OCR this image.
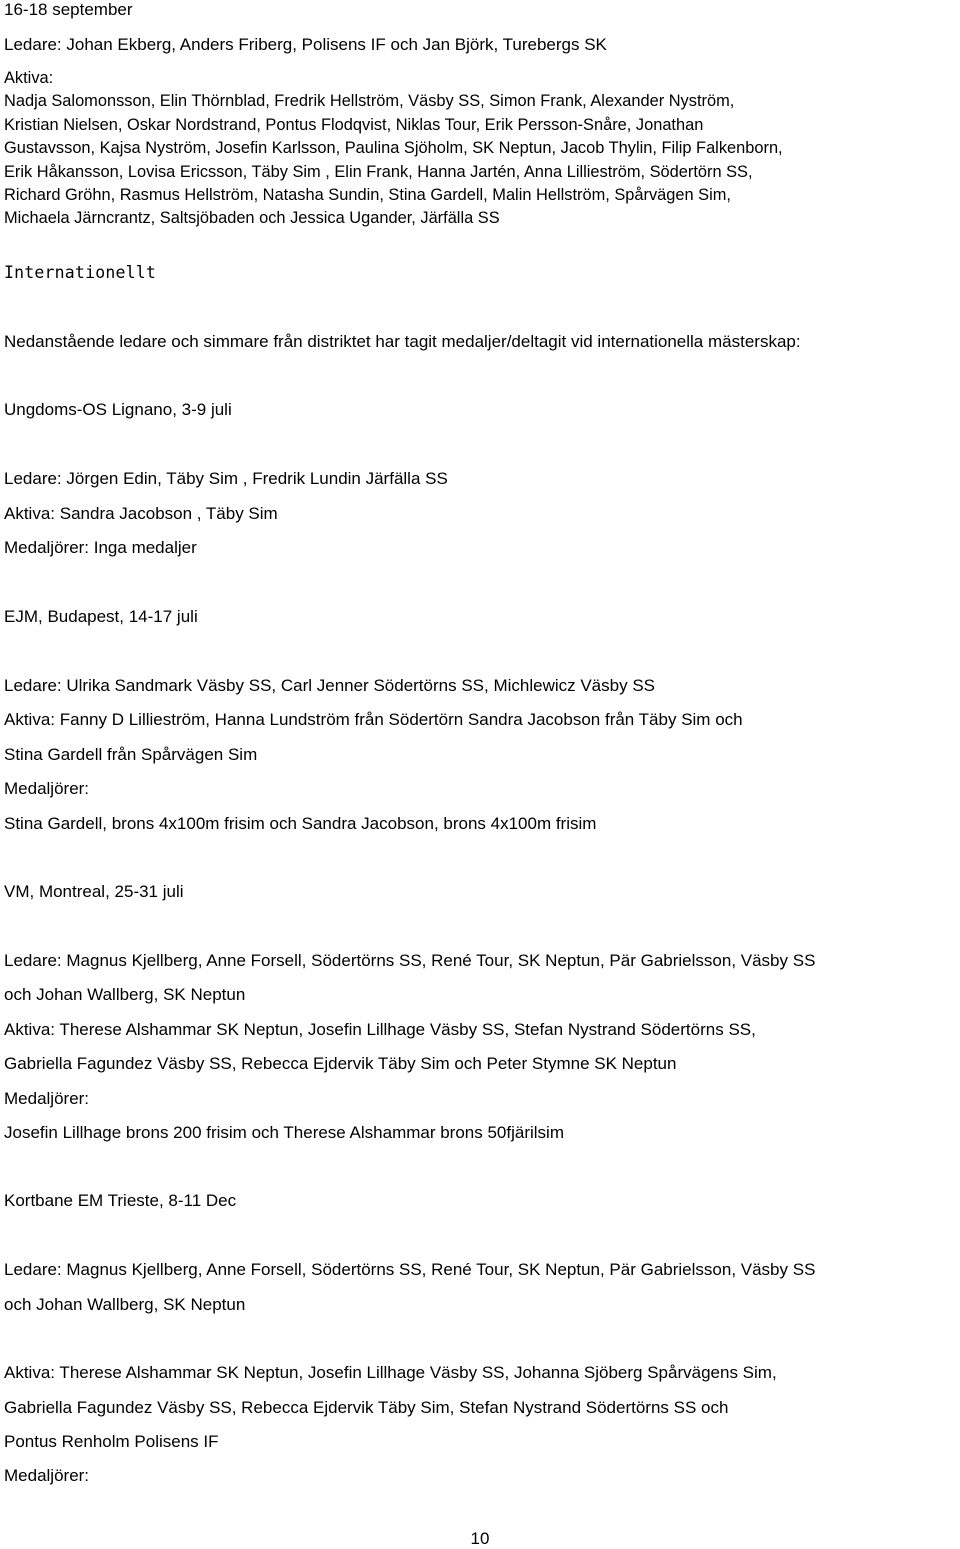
16-18 september
Ledare: Johan Ekberg, Anders Friberg, Polisens IF och Jan Björk, Turebergs SK
Aktiva:
Nadja Salomonsson, Elin Thörnblad, Fredrik Hellström, Väsby SS, Simon Frank, Alexander Nyström,
Kristian Nielsen, Oskar Nordstrand, Pontus Flodqvist, Niklas Tour, Erik Persson-Snåre, Jonathan
Gustavsson, Kajsa Nyström, Josefin Karlsson, Paulina Sjöholm, SK Neptun, Jacob Thylin, Filip Falkenborn,
Erik Håkansson, Lovisa Ericsson, Täby Sim , Elin Frank, Hanna Jartén, Anna Lillieström, Södertörn SS,
Richard Gröhn, Rasmus Hellström, Natasha Sundin, Stina Gardell, Malin Hellström, Spårvägen Sim,
Michaela Järncrantz, Saltsjöbaden och Jessica Ugander, Järfälla SS
Internationellt
Nedanstående ledare och simmare från distriktet har tagit medaljer/deltagit vid internationella mästerskap:
Ungdoms-OS Lignano, 3-9 juli
Ledare: Jörgen Edin, Täby Sim , Fredrik Lundin Järfälla SS
Aktiva: Sandra Jacobson , Täby Sim
Medaljörer: Inga medaljer
EJM, Budapest, 14-17 juli
Ledare: Ulrika Sandmark Väsby SS, Carl Jenner Södertörns SS, Michlewicz Väsby SS
Aktiva: Fanny D Lillieström, Hanna Lundström från Södertörn Sandra Jacobson från Täby Sim och
Stina Gardell från Spårvägen Sim
Medaljörer:
Stina Gardell, brons 4x100m frisim och Sandra Jacobson, brons 4x100m frisim
VM, Montreal, 25-31 juli
Ledare: Magnus Kjellberg, Anne Forsell, Södertörns SS, René Tour, SK Neptun, Pär Gabrielsson, Väsby SS
och Johan Wallberg, SK Neptun
Aktiva: Therese Alshammar SK Neptun, Josefin Lillhage Väsby SS, Stefan Nystrand Södertörns SS,
Gabriella Fagundez Väsby SS, Rebecca Ejdervik Täby Sim och Peter Stymne SK Neptun
Medaljörer:
Josefin Lillhage brons 200 frisim och Therese Alshammar brons 50fjärilsim
Kortbane EM Trieste, 8-11 Dec
Ledare: Magnus Kjellberg, Anne Forsell, Södertörns SS, René Tour, SK Neptun, Pär Gabrielsson, Väsby SS
och Johan Wallberg, SK Neptun
Aktiva: Therese Alshammar SK Neptun, Josefin Lillhage Väsby SS, Johanna Sjöberg Spårvägens Sim,
Gabriella Fagundez Väsby SS, Rebecca Ejdervik Täby Sim, Stefan Nystrand Södertörns SS och
Pontus Renholm Polisens IF
Medaljörer:
10
